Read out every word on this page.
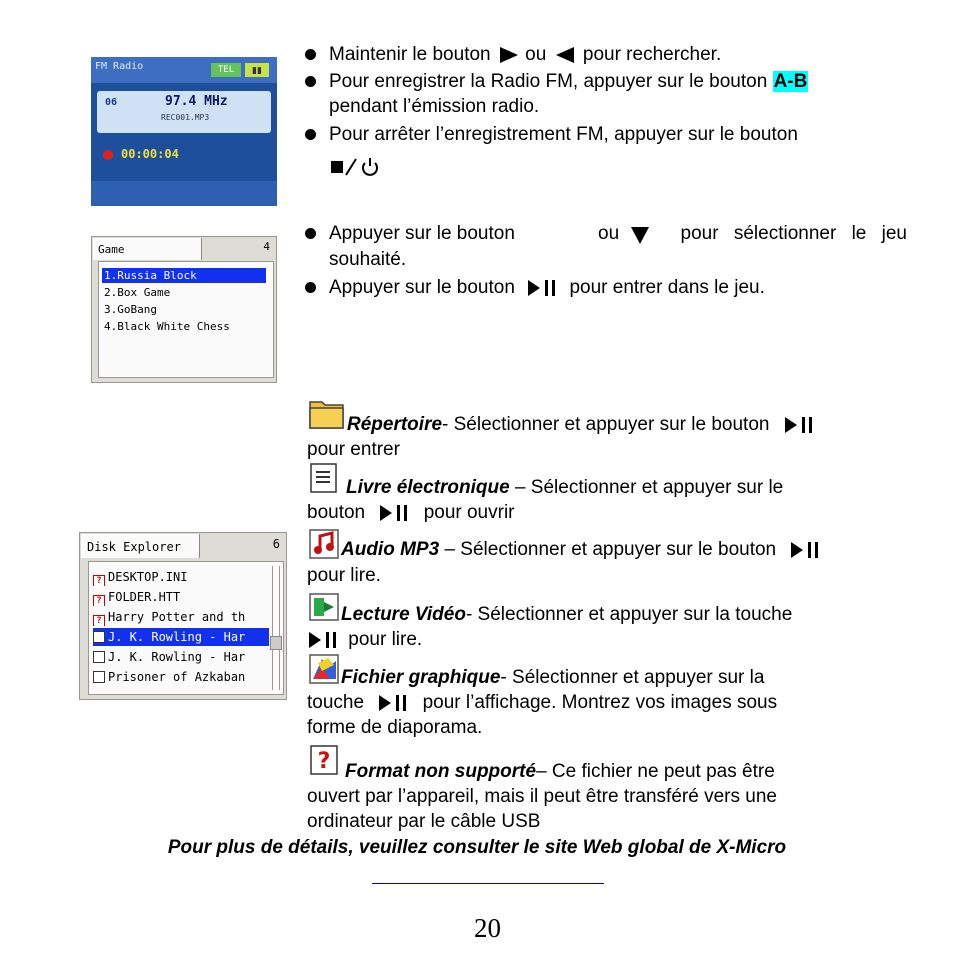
FM Radio	TEL	▮▮
06	97.4 MHz
REC001.MP3
00:00:04
Maintenir le bouton ou pour rechercher.
Pour enregistrer la Radio FM, appuyer sur le bouton A-B
pendant l’émission radio.
Pour arrêter l’enregistrement FM, appuyer sur le bouton
Game	4
1.Russia Block
2.Box Game
3.GoBang
4.Black White Chess
Appuyer sur le bouton	ou	pour sélectionner le jeu
souhaité.
Appuyer sur le bouton	pour entrer dans le jeu.
Disk Explorer	6
? DESKTOP.INI
? FOLDER.HTT
? Harry Potter and th
J. K. Rowling - Har
J. K. Rowling - Har
Prisoner of Azkaban
Répertoire- Sélectionner et appuyer sur le bouton
pour entrer
Livre électronique – Sélectionner et appuyer sur le
bouton	pour ouvrir
Audio MP3 – Sélectionner et appuyer sur le bouton
pour lire.
Lecture Vidéo- Sélectionner et appuyer sur la touche
pour lire.
Fichier graphique- Sélectionner et appuyer sur la
touche	pour l’affichage. Montrez vos images sous
forme de diaporama.
? Format non supporté– Ce fichier ne peut pas être
ouvert par l’appareil, mais il peut être transféré vers une
ordinateur par le câble USB
Pour plus de détails, veuillez consulter le site Web global de X-Micro
20
